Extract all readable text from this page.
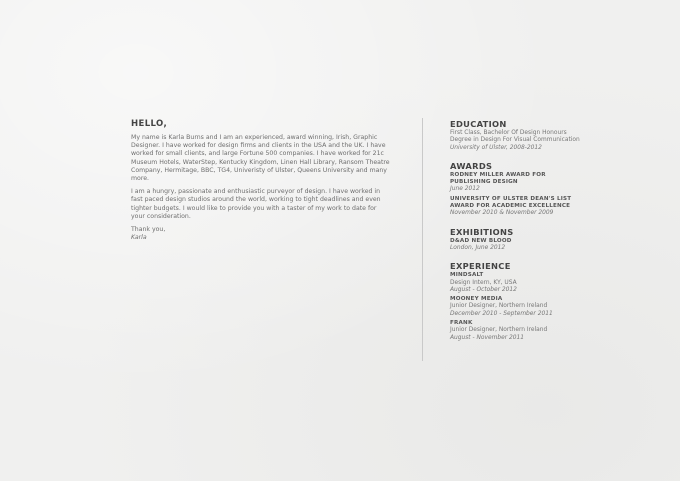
HELLO,

My name is Karla Burns and I am an experienced, award winning, Irish, Graphic Designer. I have worked for design firms and clients in the USA and the UK. I have worked for small clients, and large Fortune 500 companies. I have worked for 21c Museum Hotels, WaterStep, Kentucky Kingdom, Linen Hall Library, Ransom Theatre Company, Hermitage, BBC, TG4, Univeristy of Ulster, Queens University and many more.

I am a hungry, passionate and enthusiastic purveyor of design. I have worked in fast paced design studios around the world, working to tight deadlines and even tighter budgets. I would like to provide you with a taster of my work to date for your consideration.

Thank you,
Karla
EDUCATION
First Class, Bachelor Of Design Honours
Degree in Design For Visual Communication
University of Ulster, 2008-2012
AWARDS
RODNEY MILLER AWARD FOR
PUBLISHING DESIGN
June 2012
UNIVERSITY OF ULSTER DEAN'S LIST
AWARD FOR ACADEMIC EXCELLENCE
November 2010 & November 2009
EXHIBITIONS
D&AD NEW BLOOD
London, June 2012
EXPERIENCE
MINDSALT
Design Intern, KY, USA
August - October 2012
MOONEY MEDIA
Junior Designer, Northern Ireland
December 2010 - September 2011
FRANK
Junior Designer, Northern Ireland
August - November 2011
